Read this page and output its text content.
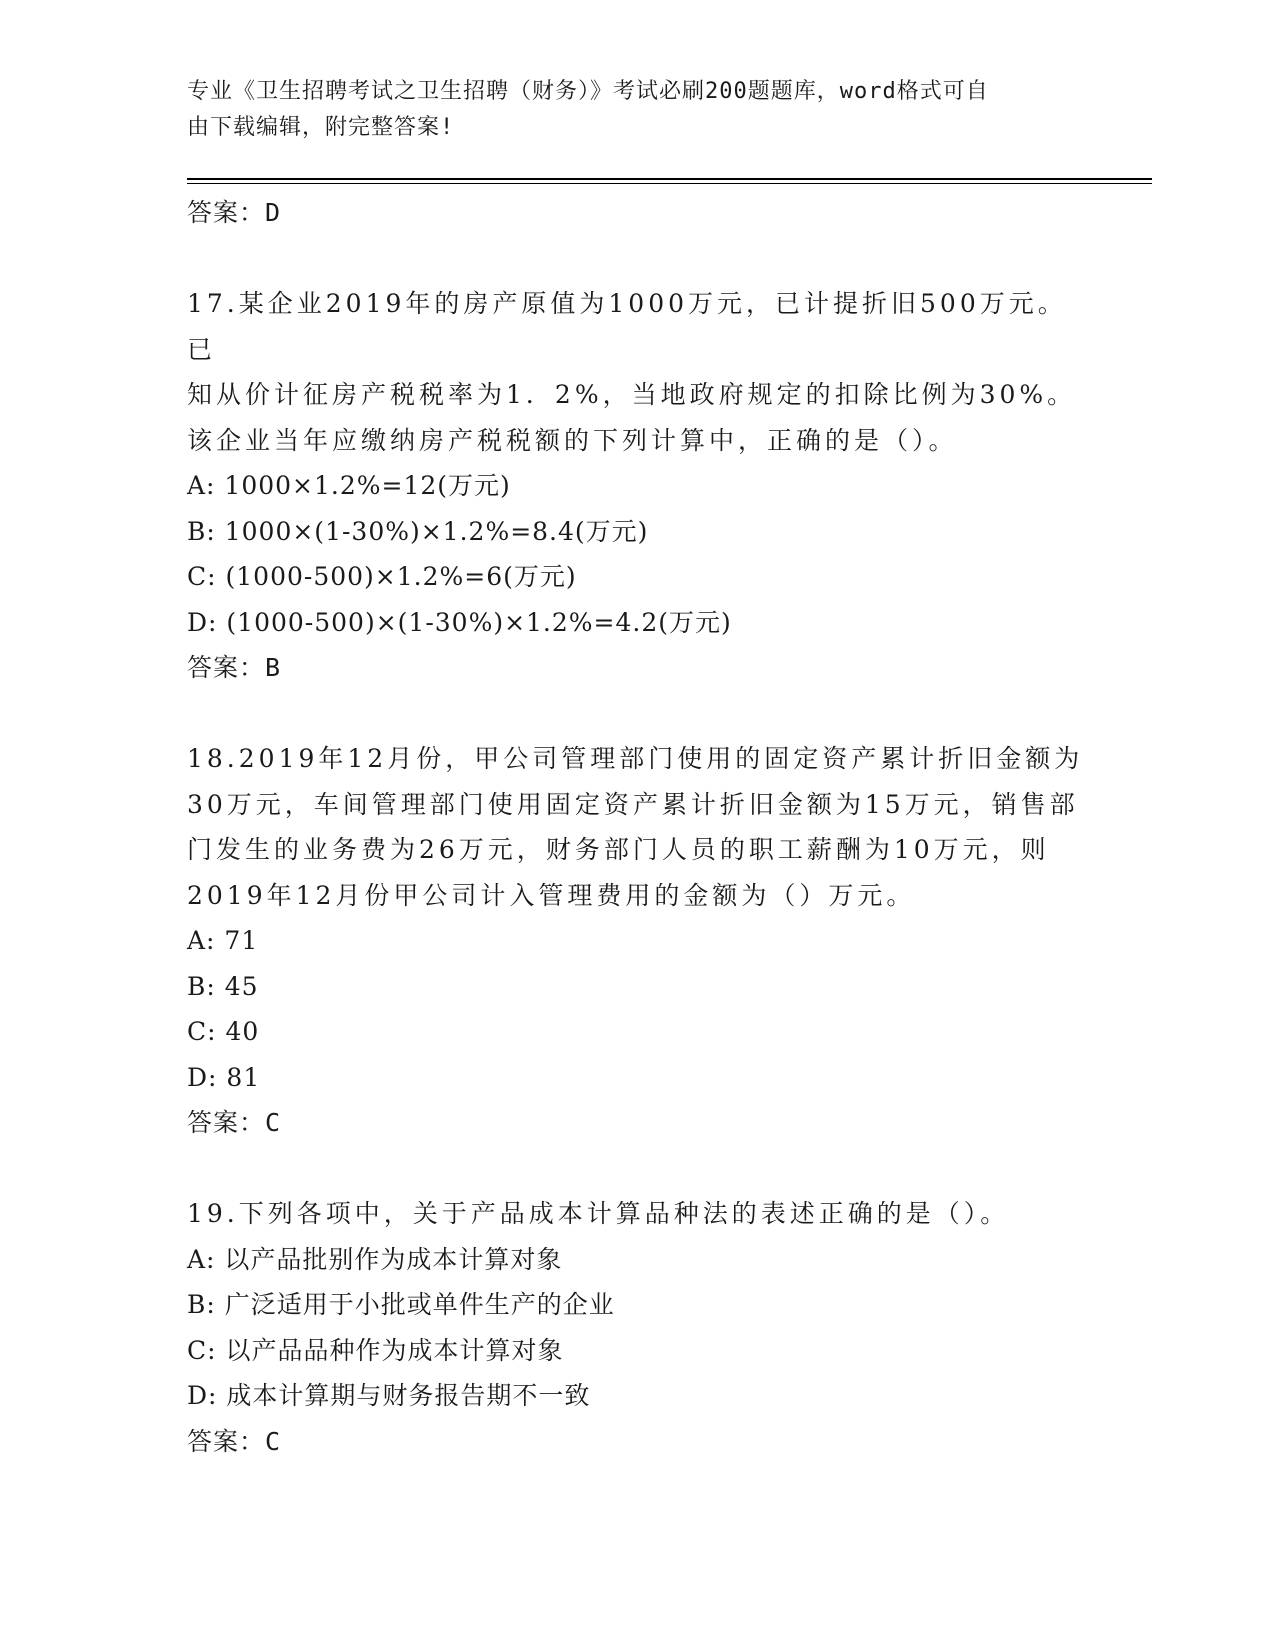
专业《卫生招聘考试之卫生招聘（财务）》考试必刷200题题库，word格式可自
由下载编辑，附完整答案!
答案：D

17.某企业2019年的房产原值为1000万元，已计提折旧500万元。已

知从价计征房产税税率为1．2%，当地政府规定的扣除比例为30%。

该企业当年应缴纳房产税税额的下列计算中，正确的是（）。

A: 1000×1.2%=12(万元)
B: 1000×(1-30%)×1.2%=8.4(万元)
C: (1000-500)×1.2%=6(万元)
D: (1000-500)×(1-30%)×1.2%=4.2(万元)
答案：B

18.2019年12月份，甲公司管理部门使用的固定资产累计折旧金额为

30万元，车间管理部门使用固定资产累计折旧金额为15万元，销售部

门发生的业务费为26万元，财务部门人员的职工薪酬为10万元，则

2019年12月份甲公司计入管理费用的金额为（）万元。

A: 71
B: 45
C: 40
D: 81
答案：C

19.下列各项中，关于产品成本计算品种法的表述正确的是（）。

A: 以产品批别作为成本计算对象
B: 广泛适用于小批或单件生产的企业
C: 以产品品种作为成本计算对象
D: 成本计算期与财务报告期不一致
答案：C
